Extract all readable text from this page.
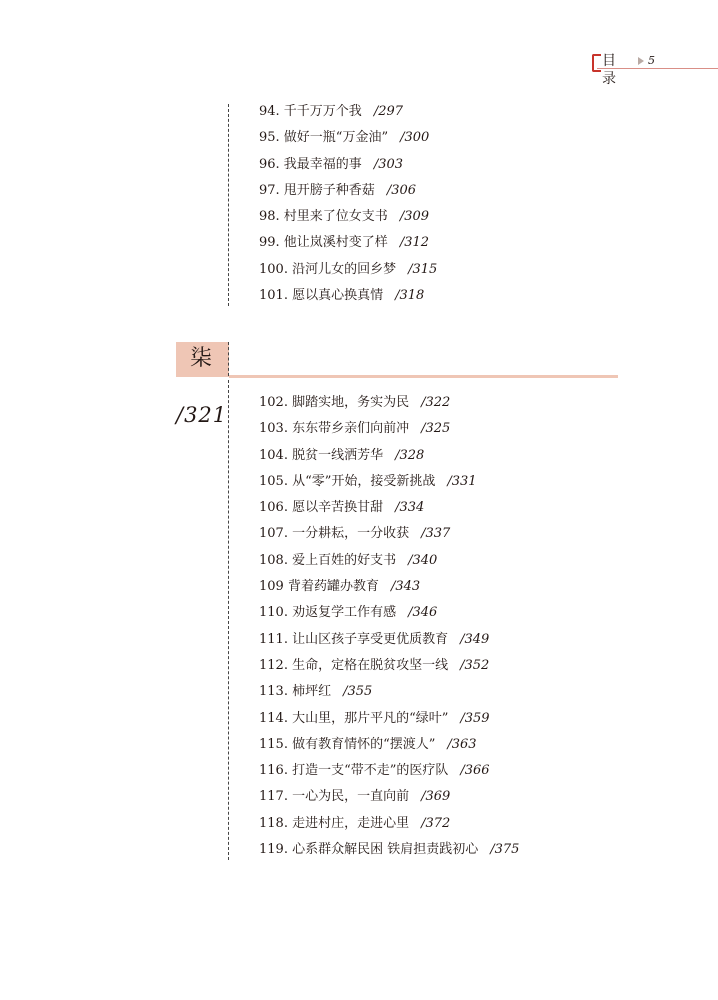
目录
5
94. 千千万万个我 /297
95. 做好一瓶“万金油” /300
96. 我最幸福的事 /303
97. 甩开膀子种香菇 /306
98. 村里来了位女支书 /309
99. 他让岚溪村变了样 /312
100. 沿河儿女的回乡梦 /315
101. 愿以真心换真情 /318
柒
/321
102. 脚踏实地，务实为民 /322
103. 东东带乡亲们向前冲 /325
104. 脱贫一线洒芳华 /328
105. 从“零”开始，接受新挑战 /331
106. 愿以辛苦换甘甜 /334
107. 一分耕耘，一分收获 /337
108. 爱上百姓的好支书 /340
109 背着药罐办教育 /343
110. 劝返复学工作有感 /346
111. 让山区孩子享受更优质教育 /349
112. 生命，定格在脱贫攻坚一线 /352
113. 柿坪红 /355
114. 大山里，那片平凡的“绿叶” /359
115. 做有教育情怀的“摆渡人” /363
116. 打造一支“带不走”的医疗队 /366
117. 一心为民，一直向前 /369
118. 走进村庄，走进心里 /372
119. 心系群众解民困 铁肩担责践初心 /375
